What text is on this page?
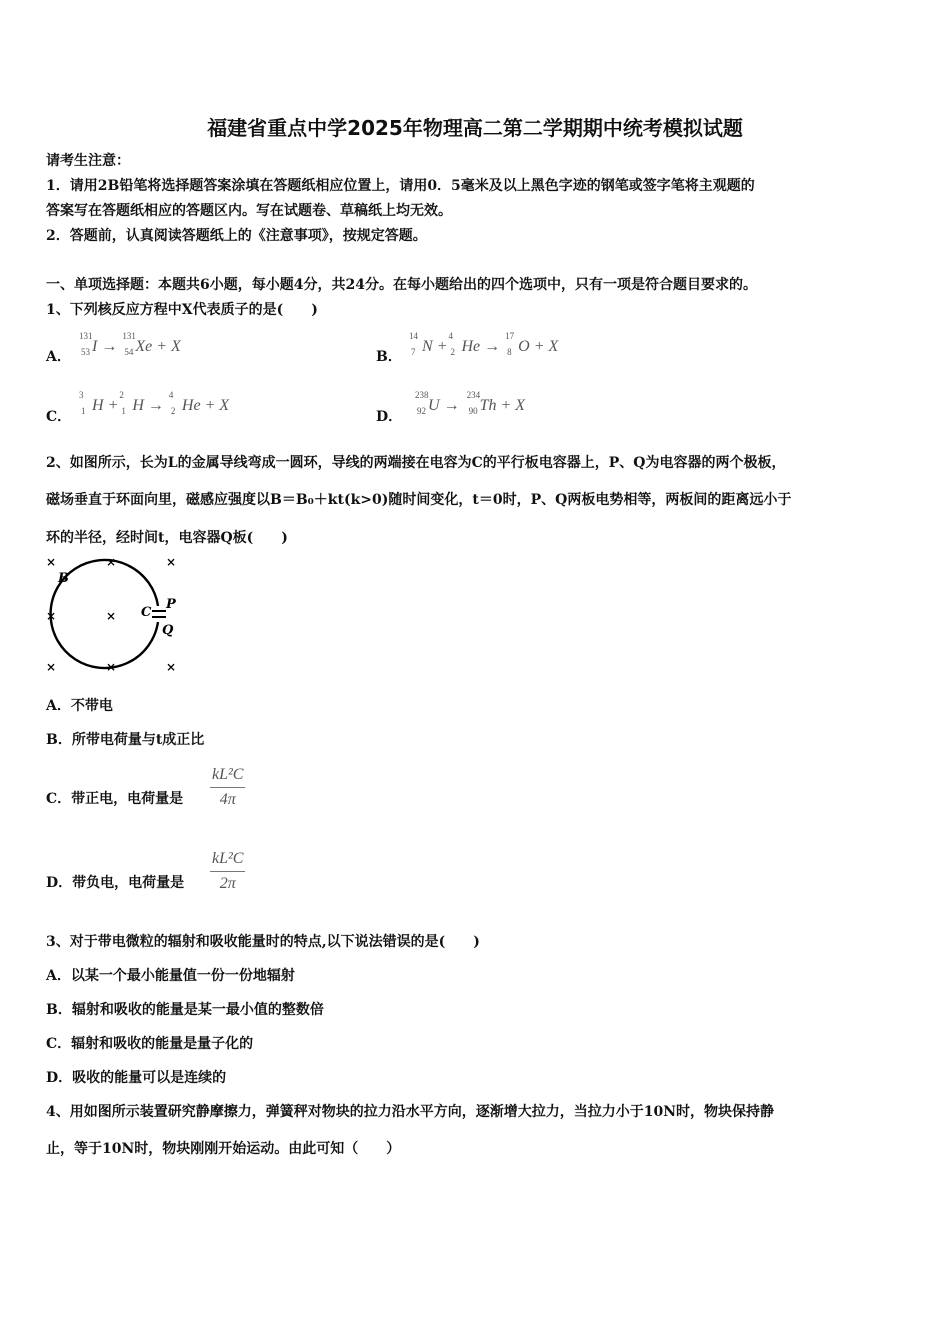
福建省重点中学2025年物理高二第二学期期中统考模拟试题
请考生注意：
1．请用2B铅笔将选择题答案涂填在答题纸相应位置上，请用0．5毫米及以上黑色字迹的钢笔或签字笔将主观题的
答案写在答题纸相应的答题区内。写在试题卷、草稿纸上均无效。
2．答题前，认真阅读答题纸上的《注意事项》，按规定答题。
一、单项选择题：本题共6小题，每小题4分，共24分。在每小题给出的四个选项中，只有一项是符合题目要求的。
1、下列核反应方程中X代表质子的是(　　)
A．
131
53 I →
131
54 Xe + X
B．
14
7 N +
4
2 He →
17
8 O + X
C．
3
1 H +
2
1 H →
4
2 He + X
D．
238
92 U →
234
90 Th + X
2、如图所示，长为L的金属导线弯成一圆环，导线的两端接在电容为C的平行板电容器上，P、Q为电容器的两个极板，
磁场垂直于环面向里，磁感应强度以B＝B₀＋kt(k>0)随时间变化，t＝0时，P、Q两板电势相等，两板间的距离远小于
环的半径，经时间t，电容器Q板(　　)
×	×	×
×	×
×	×	×
B
C
P
Q
A．不带电
B．所带电荷量与t成正比
C．带正电，电荷量是 $\frac{\text{kL²C}}{4\pi}$
D．带负电，电荷量是 $\frac{\text{kL²C}}{2\pi}$
3、对于带电微粒的辐射和吸收能量时的特点,以下说法错误的是(　　)
A．以某一个最小能量值一份一份地辐射
B．辐射和吸收的能量是某一最小值的整数倍
C．辐射和吸收的能量是量子化的
D．吸收的能量可以是连续的
4、用如图所示装置研究静摩擦力，弹簧秤对物块的拉力沿水平方向，逐渐增大拉力，当拉力小于10N时，物块保持静
止，等于10N时，物块刚刚开始运动。由此可知（　　）
